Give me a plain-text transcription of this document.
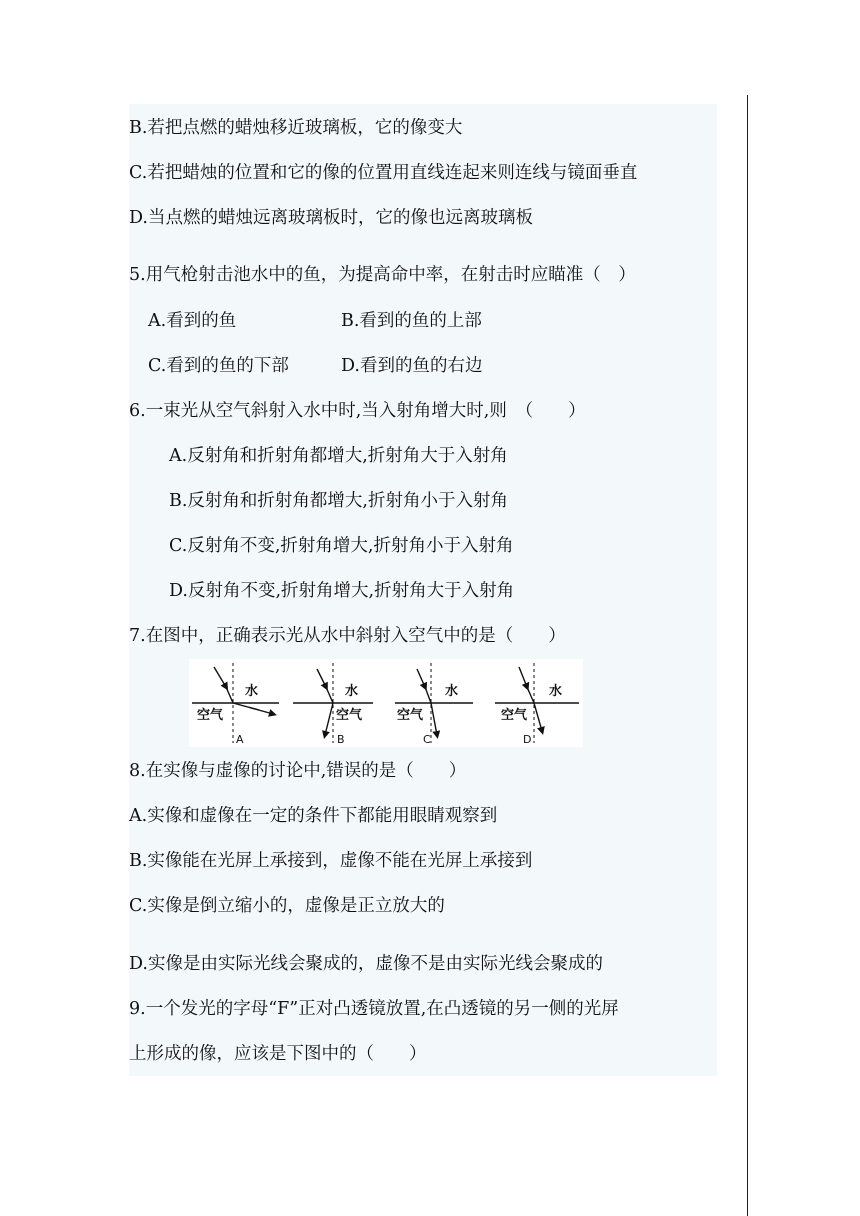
B.若把点燃的蜡烛移近玻璃板，它的像变大
C.若把蜡烛的位置和它的像的位置用直线连起来则连线与镜面垂直
D.当点燃的蜡烛远离玻璃板时，它的像也远离玻璃板
5.用气枪射击池水中的鱼，为提高命中率，在射击时应瞄准（　）
A.看到的鱼	B.看到的鱼的上部
C.看到的鱼的下部	D.看到的鱼的右边
6.一束光从空气斜射入水中时,当入射角增大时,则　（　　）
A.反射角和折射角都增大,折射角大于入射角
B.反射角和折射角都增大,折射角小于入射角
C.反射角不变,折射角增大,折射角小于入射角
D.反射角不变,折射角增大,折射角大于入射角
7.在图中，正确表示光从水中斜射入空气中的是（　　）
水
空气
A
水
空气
B
水
空气
C
水
空气
D
8.在实像与虚像的讨论中,错误的是（　　）
A.实像和虚像在一定的条件下都能用眼睛观察到
B.实像能在光屏上承接到，虚像不能在光屏上承接到
C.实像是倒立缩小的，虚像是正立放大的
D.实像是由实际光线会聚成的，虚像不是由实际光线会聚成的
9.一个发光的字母“F”正对凸透镜放置,在凸透镜的另一侧的光屏
上形成的像，应该是下图中的（　　）
